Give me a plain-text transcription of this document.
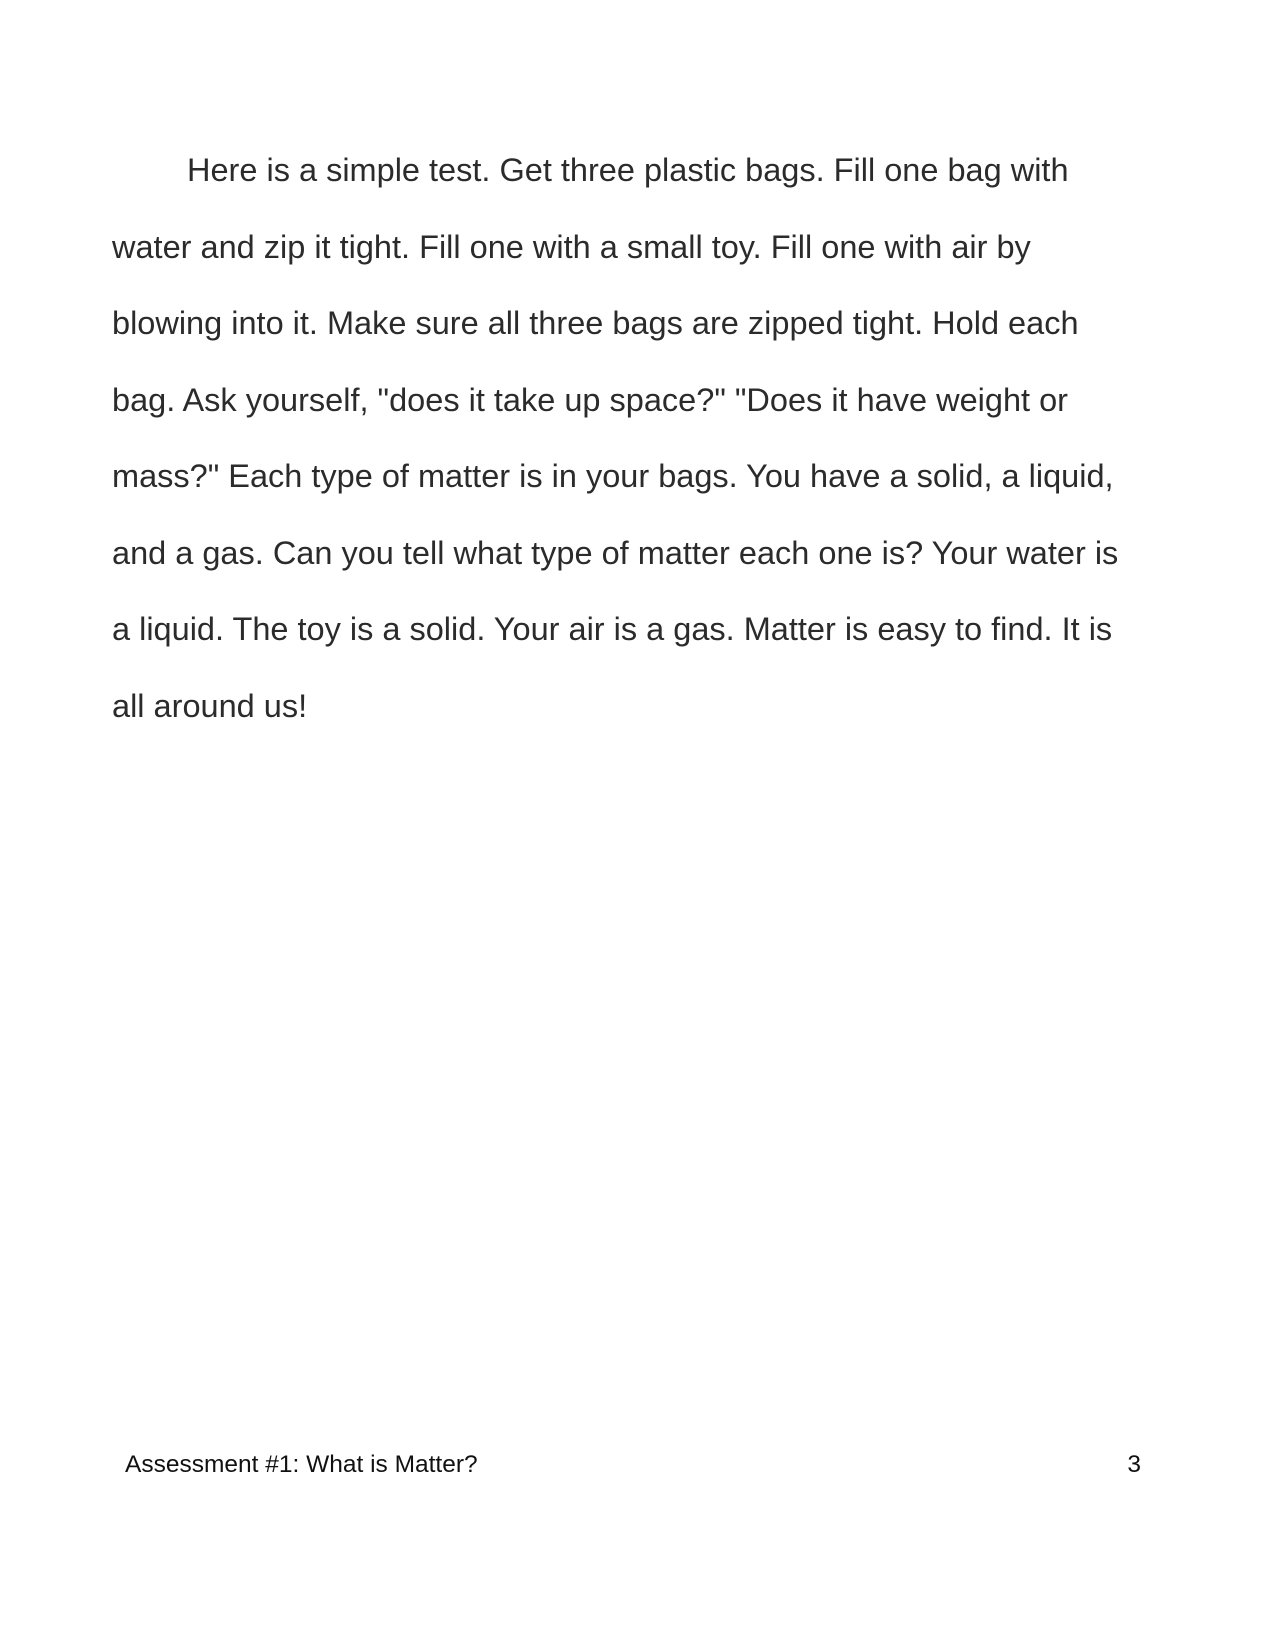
Here is a simple test. Get three plastic bags. Fill one bag with
water and zip it tight. Fill one with a small toy. Fill one with air by
blowing into it. Make sure all three bags are zipped tight. Hold each
bag. Ask yourself, "does it take up space?" "Does it have weight or
mass?" Each type of matter is in your bags. You have a solid, a liquid,
and a gas. Can you tell what type of matter each one is? Your water is
a liquid. The toy is a solid. Your air is a gas. Matter is easy to find. It is
all around us!
Assessment #1: What is Matter?	3
